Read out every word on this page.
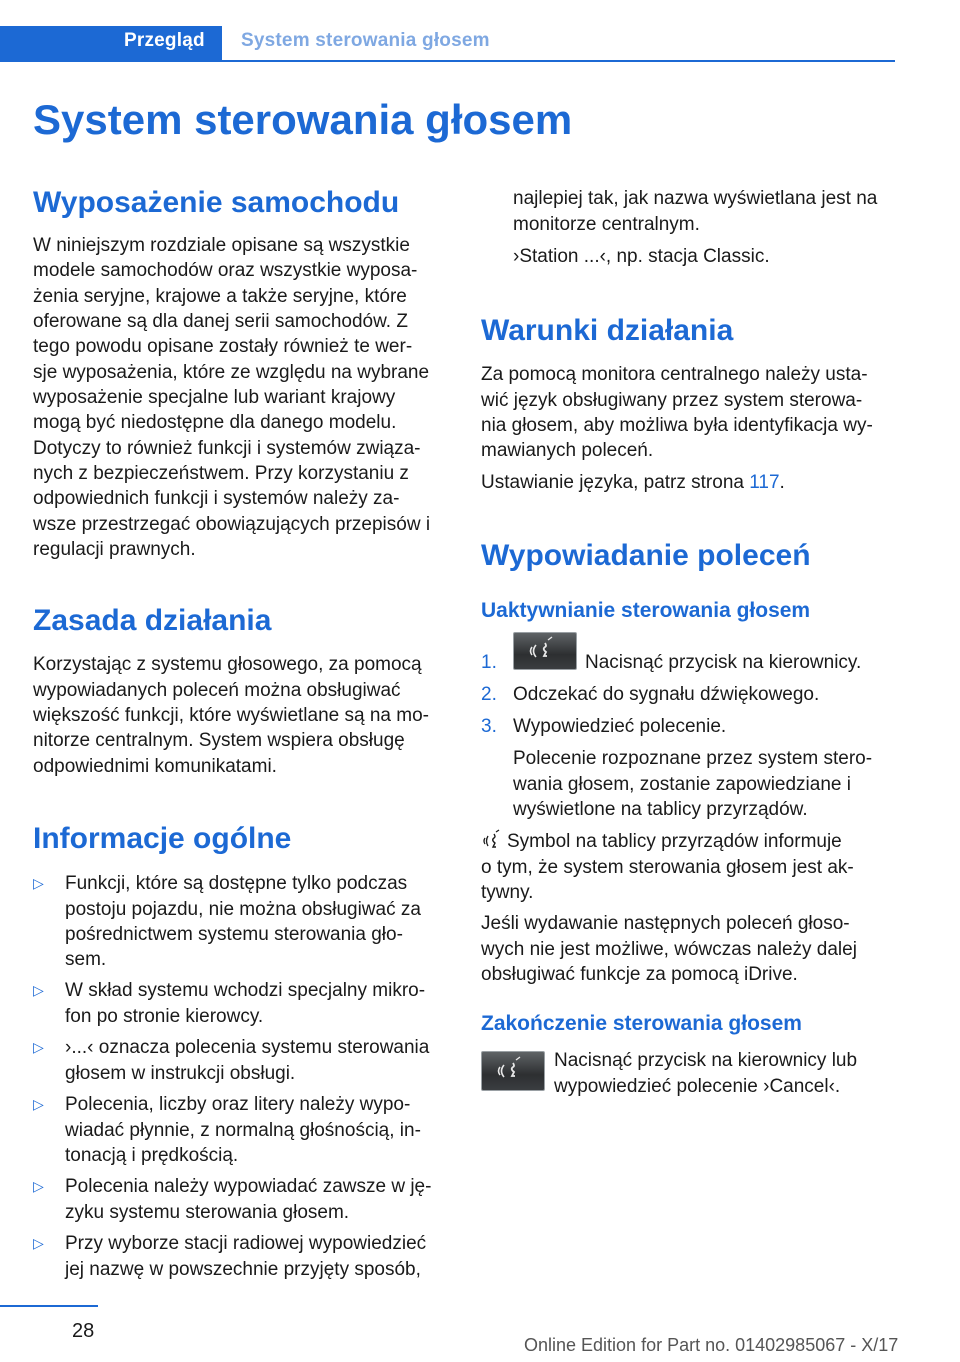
Przegląd System sterowania głosem
System sterowania głosem
Wyposażenie samochodu

W niniejszym rozdziale opisane są wszystkie

modele samochodów oraz wszystkie wyposa‐

żenia seryjne, krajowe a także seryjne, które

oferowane są dla danej serii samochodów. Z

tego powodu opisane zostały również te wer‐

sje wyposażenia, które ze względu na wybrane

wyposażenie specjalne lub wariant krajowy

mogą być niedostępne dla danego modelu.

Dotyczy to również funkcji i systemów związa‐

nych z bezpieczeństwem. Przy korzystaniu z

odpowiednich funkcji i systemów należy za‐

wsze przestrzegać obowiązujących przepisów i

regulacji prawnych.

Zasada działania

Korzystając z systemu głosowego, za pomocą

wypowiadanych poleceń można obsługiwać

większość funkcji, które wyświetlane są na mo‐

nitorze centralnym. System wspiera obsługę

odpowiednimi komunikatami.

Informacje ogólne
▷ Funkcji, które są dostępne tylko podczas

postoju pojazdu, nie można obsługiwać za

pośrednictwem systemu sterowania gło‐

sem.

▷ W skład systemu wchodzi specjalny mikro‐

fon po stronie kierowcy.

▷ ›...‹ oznacza polecenia systemu sterowania

głosem w instrukcji obsługi.

▷ Polecenia, liczby oraz litery należy wypo‐

wiadać płynnie, z normalną głośnością, in‐

tonacją i prędkością.

▷ Polecenia należy wypowiadać zawsze w ję‐

zyku systemu sterowania głosem.

▷ Przy wyborze stacji radiowej wypowiedzieć

jej nazwę w powszechnie przyjęty sposób,

najlepiej tak, jak nazwa wyświetlana jest na

monitorze centralnym.

›Station ...‹, np. stacja Classic.

Warunki działania

Za pomocą monitora centralnego należy usta‐

wić język obsługiwany przez system sterowa‐

nia głosem, aby możliwa była identyfikacja wy‐

mawianych poleceń.

Ustawianie języka, patrz strona 117.

Wypowiadanie poleceń
Uaktywnianie sterowania głosem
1.	Nacisnąć przycisk na kierownicy.

2. Odczekać do sygnału dźwiękowego.

3. Wypowiedzieć polecenie.

Polecenie rozpoznane przez system stero‐

wania głosem, zostanie zapowiedziane i

wyświetlone na tablicy przyrządów.

Symbol na tablicy przyrządów informuje

o tym, że system sterowania głosem jest ak‐

tywny.

Jeśli wydawanie następnych poleceń głoso‐

wych nie jest możliwe, wówczas należy dalej

obsługiwać funkcje za pomocą iDrive.

Zakończenie sterowania głosem

Nacisnąć przycisk na kierownicy lub

wypowiedzieć polecenie ›Cancel‹.

28
Online Edition for Part no. 01402985067 - X/17
